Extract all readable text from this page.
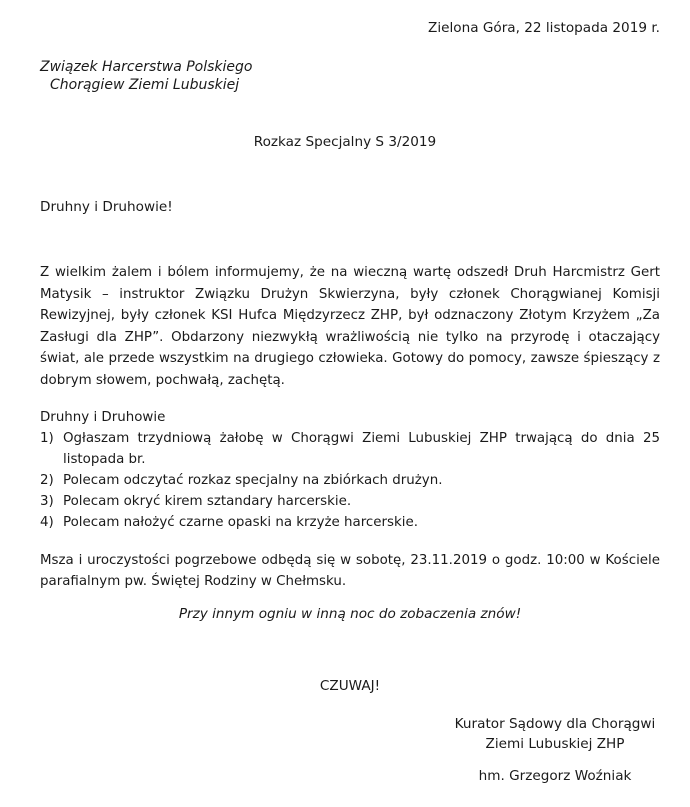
Zielona Góra, 22 listopada 2019 r.
Związek Harcerstwa Polskiego
Chorągiew Ziemi Lubuskiej
Rozkaz Specjalny S 3/2019
Druhny i Druhowie!
Z wielkim żalem i bólem informujemy, że na wieczną wartę odszedł Druh Harcmistrz Gert Matysik – instruktor Związku Drużyn Skwierzyna, były członek Chorągwianej Komisji Rewizyjnej, były członek KSI Hufca Międzyrzecz ZHP, był odznaczony Złotym Krzyżem „Za Zasługi dla ZHP”. Obdarzony niezwykłą wrażliwością nie tylko na przyrodę i otaczający świat, ale przede wszystkim na drugiego człowieka. Gotowy do pomocy, zawsze śpieszący z dobrym słowem, pochwałą, zachętą.
Druhny i Druhowie
1) Ogłaszam trzydniową żałobę w Chorągwi Ziemi Lubuskiej ZHP trwającą do dnia 25 listopada br.
2) Polecam odczytać rozkaz specjalny na zbiórkach drużyn.
3) Polecam okryć kirem sztandary harcerskie.
4) Polecam nałożyć czarne opaski na krzyże harcerskie.
Msza i uroczystości pogrzebowe odbędą się w sobotę, 23.11.2019 o godz. 10:00 w Kościele parafialnym pw. Świętej Rodziny w Chełmsku.
Przy innym ogniu w inną noc do zobaczenia znów!
CZUWAJ!
Kurator Sądowy dla Chorągwi
Ziemi Lubuskiej ZHP
hm. Grzegorz Woźniak
